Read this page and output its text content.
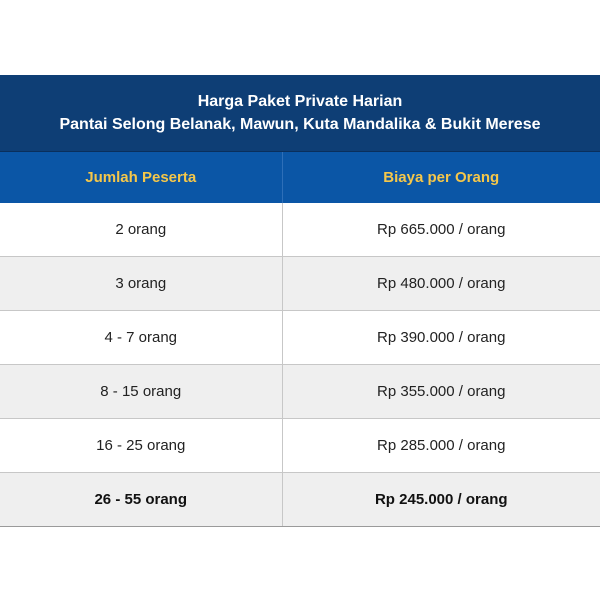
Harga Paket Private Harian
Pantai Selong Belanak, Mawun, Kuta Mandalika & Bukit Merese
Jumlah Peserta	Biaya per Orang
2 orang	Rp 665.000 / orang
3 orang	Rp 480.000 / orang
4 - 7 orang	Rp 390.000 / orang
8 - 15 orang	Rp 355.000 / orang
16 - 25 orang	Rp 285.000 / orang
26 - 55 orang	Rp 245.000 / orang
